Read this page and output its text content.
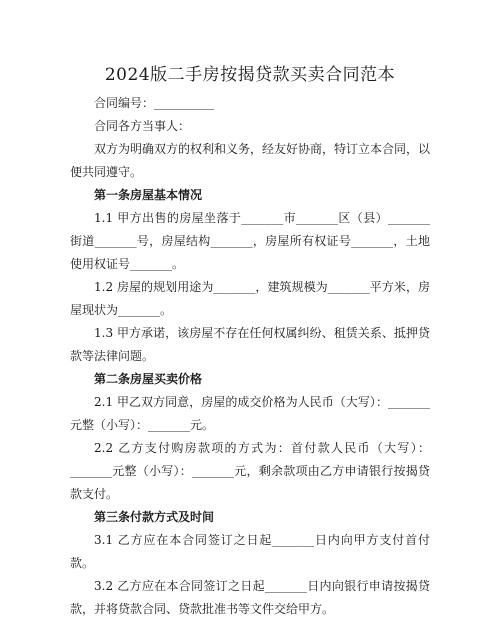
2024版二手房按揭贷款买卖合同范本

合同编号：__________

合同各方当事人：

双方为明确双方的权利和义务，经友好协商，特订立本合同，以便共同遵守。

第一条房屋基本情况

1.1 甲方出售的房屋坐落于_______市_______区（县）_______街道_______号，房屋结构_______，房屋所有权证号_______，土地使用权证号_______。

1.2 房屋的规划用途为_______，建筑规模为_______平方米，房屋现状为_______。

1.3 甲方承诺，该房屋不存在任何权属纠纷、租赁关系、抵押贷款等法律问题。

第二条房屋买卖价格

2.1 甲乙双方同意，房屋的成交价格为人民币（大写）：_______元整（小写）：_______元。

2.2 乙方支付购房款项的方式为：首付款人民币（大写）：_______元整（小写）：_______元，剩余款项由乙方申请银行按揭贷款支付。

第三条付款方式及时间

3.1 乙方应在本合同签订之日起_______日内向甲方支付首付款。

3.2 乙方应在本合同签订之日起_______日内向银行申请按揭贷款，并将贷款合同、贷款批准书等文件交给甲方。
